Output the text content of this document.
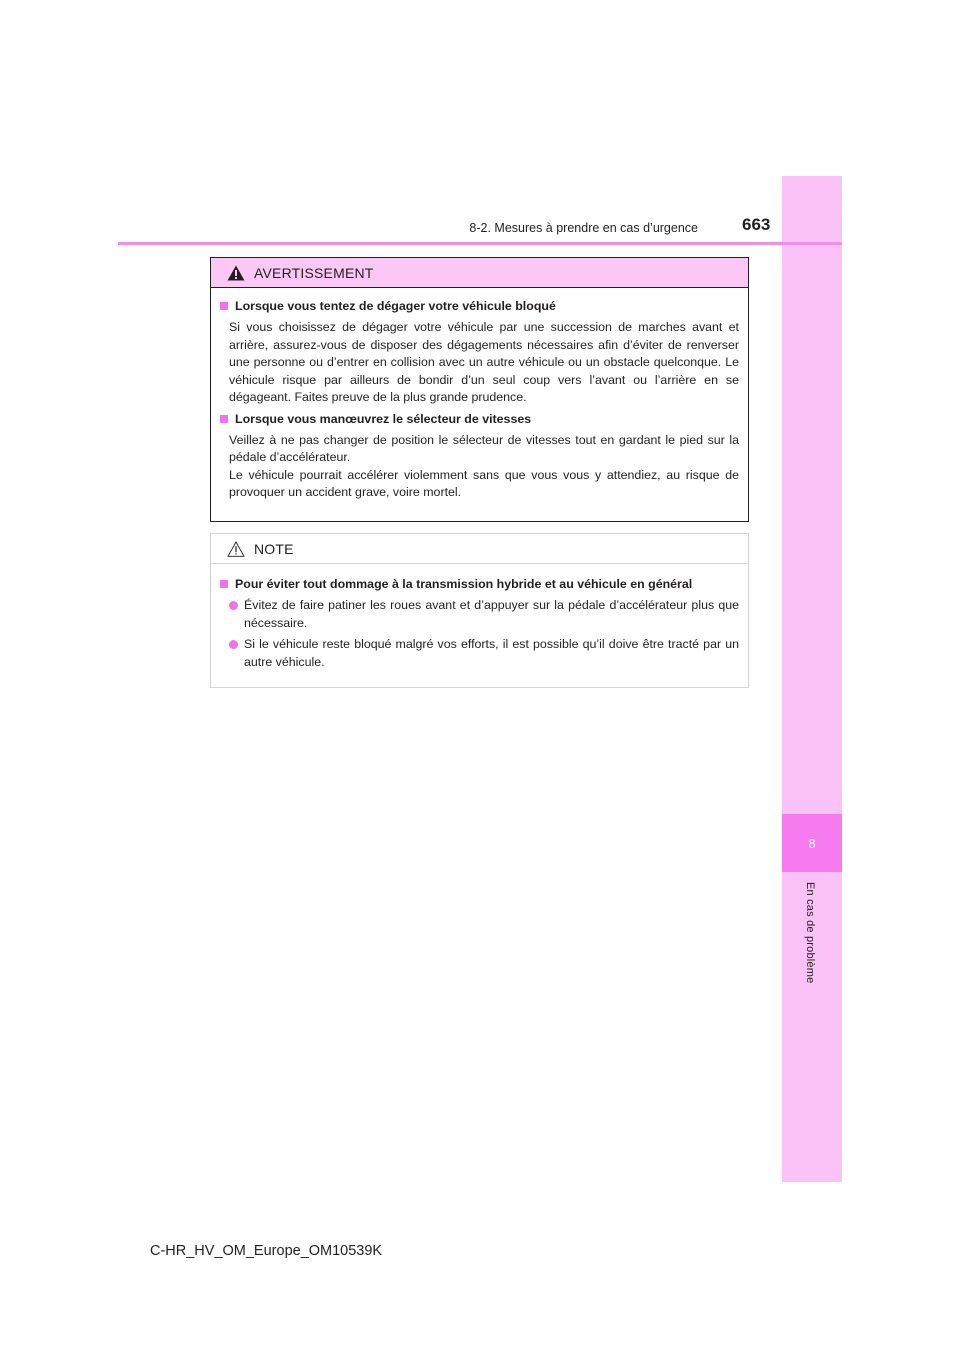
8
En cas de problème
8-2. Mesures à prendre en cas d’urgence	663
AVERTISSEMENT
Lorsque vous tentez de dégager votre véhicule bloqué
Si vous choisissez de dégager votre véhicule par une succession de marches avant et arrière, assurez-vous de disposer des dégagements nécessaires afin d’éviter de renverser une personne ou d’entrer en collision avec un autre véhicule ou un obstacle quelconque. Le véhicule risque par ailleurs de bondir d’un seul coup vers l’avant ou l’arrière en se dégageant. Faites preuve de la plus grande prudence.
Lorsque vous manœuvrez le sélecteur de vitesses
Veillez à ne pas changer de position le sélecteur de vitesses tout en gardant le pied sur la pédale d’accélérateur.
Le véhicule pourrait accélérer violemment sans que vous vous y attendiez, au risque de provoquer un accident grave, voire mortel.
NOTE
Pour éviter tout dommage à la transmission hybride et au véhicule en général
Évitez de faire patiner les roues avant et d’appuyer sur la pédale d’accélérateur plus que nécessaire.
Si le véhicule reste bloqué malgré vos efforts, il est possible qu’il doive être tracté par un autre véhicule.
C-HR_HV_OM_Europe_OM10539K
